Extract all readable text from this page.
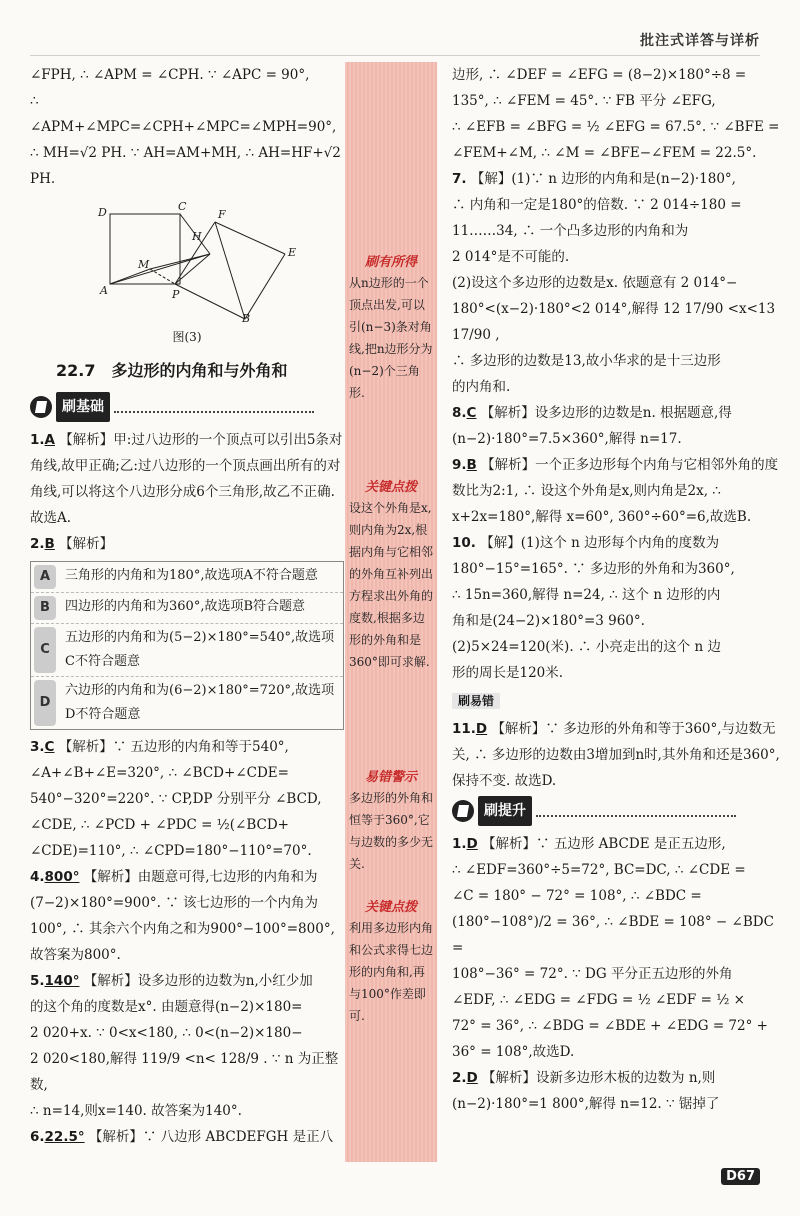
批注式详答与详析

∠FPH, ∴ ∠APM = ∠CPH. ∵ ∠APC = 90°,

∴ ∠APM+∠MPC=∠CPH+∠MPC=∠MPH=90°,

∴ MH=√2 PH. ∵ AH=AM+MH, ∴ AH=HF+√2 PH.

D	C
H
F
M
E
A	P
B

图(3)

22.7　多边形的内角和与外角和
刷基础

1.A 【解析】甲:过八边形的一个顶点可以引出5条对角线,故甲正确;乙:过八边形的一个顶点画出所有的对角线,可以将这个八边形分成6个三角形,故乙不正确. 故选A.

2.B 【解析】

A	三角形的内角和为180°,故选项A不符合题意
B	四边形的内角和为360°,故选项B符合题意
C
五边形的内角和为(5−2)×180°=540°,故选项C不符合题意
D
六边形的内角和为(6−2)×180°=720°,故选项D不符合题意

3.C 【解析】∵ 五边形的内角和等于540°,

∠A+∠B+∠E=320°, ∴ ∠BCD+∠CDE=

540°−320°=220°. ∵ CP,DP 分别平分 ∠BCD,

∠CDE, ∴ ∠PCD + ∠PDC = ½(∠BCD+

∠CDE)=110°, ∴ ∠CPD=180°−110°=70°.

4.800° 【解析】由题意可得,七边形的内角和为(7−2)×180°=900°. ∵ 该七边形的一个内角为100°, ∴ 其余六个内角之和为900°−100°=800°,故答案为800°.

5.140° 【解析】设多边形的边数为n,小红少加

的这个角的度数是x°. 由题意得(n−2)×180=

2 020+x. ∵ 0<x<180, ∴ 0<(n−2)×180−

2 020<180,解得 119/9 <n< 128/9 . ∵ n 为正整数,

∴ n=14,则x=140. 故答案为140°.

6.22.5° 【解析】∵ 八边形 ABCDEFGH 是正八

刷有所得
从n边形的一个顶点出发,可以引(n−3)条对角线,把n边形分为(n−2)个三角形.
关键点拨
设这个外角是x,则内角为2x,根据内角与它相邻的外角互补列出方程求出外角的度数,根据多边形的外角和是360°即可求解.
易错警示
多边形的外角和恒等于360°,它与边数的多少无关.
关键点拨
利用多边形内角和公式求得七边形的内角和,再与100°作差即可.

边形, ∴ ∠DEF = ∠EFG = (8−2)×180°÷8 =

135°, ∴ ∠FEM = 45°. ∵ FB 平分 ∠EFG,

∴ ∠EFB = ∠BFG = ½ ∠EFG = 67.5°. ∵ ∠BFE =

∠FEM+∠M, ∴ ∠M = ∠BFE−∠FEM = 22.5°.

7. 【解】(1)∵ n 边形的内角和是(n−2)·180°,

∴ 内角和一定是180°的倍数. ∵ 2 014÷180 =

11……34, ∴ 一个凸多边形的内角和为

2 014°是不可能的.

(2)设这个多边形的边数是x. 依题意有 2 014°−

180°<(x−2)·180°<2 014°,解得 12 17/90 <x<13 17/90 ,

∴ 多边形的边数是13,故小华求的是十三边形

的内角和.

8.C 【解析】设多边形的边数是n. 根据题意,得(n−2)·180°=7.5×360°,解得 n=17.

9.B 【解析】一个正多边形每个内角与它相邻外角的度数比为2:1, ∴ 设这个外角是x,则内角是2x, ∴ x+2x=180°,解得 x=60°, 360°÷60°=6,故选B.

10. 【解】(1)这个 n 边形每个内角的度数为

180°−15°=165°. ∵ 多边形的外角和为360°,

∴ 15n=360,解得 n=24, ∴ 这个 n 边形的内

角和是(24−2)×180°=3 960°.

(2)5×24=120(米). ∴ 小亮走出的这个 n 边

形的周长是120米.

刷易错

11.D 【解析】∵ 多边形的外角和等于360°,与边数无关, ∴ 多边形的边数由3增加到n时,其外角和还是360°,保持不变. 故选D.

刷提升

1.D 【解析】∵ 五边形 ABCDE 是正五边形,

∴ ∠EDF=360°÷5=72°, BC=DC, ∴ ∠CDE =

∠C = 180° − 72° = 108°, ∴ ∠BDC =

(180°−108°)/2 = 36°, ∴ ∠BDE = 108° − ∠BDC =

108°−36° = 72°. ∵ DG 平分正五边形的外角

∠EDF, ∴ ∠EDG = ∠FDG = ½ ∠EDF = ½ ×

72° = 36°, ∴ ∠BDG = ∠BDE + ∠EDG = 72° +

36° = 108°,故选D.

2.D 【解析】设新多边形木板的边数为 n,则(n−2)·180°=1 800°,解得 n=12. ∵ 锯掉了

D67
